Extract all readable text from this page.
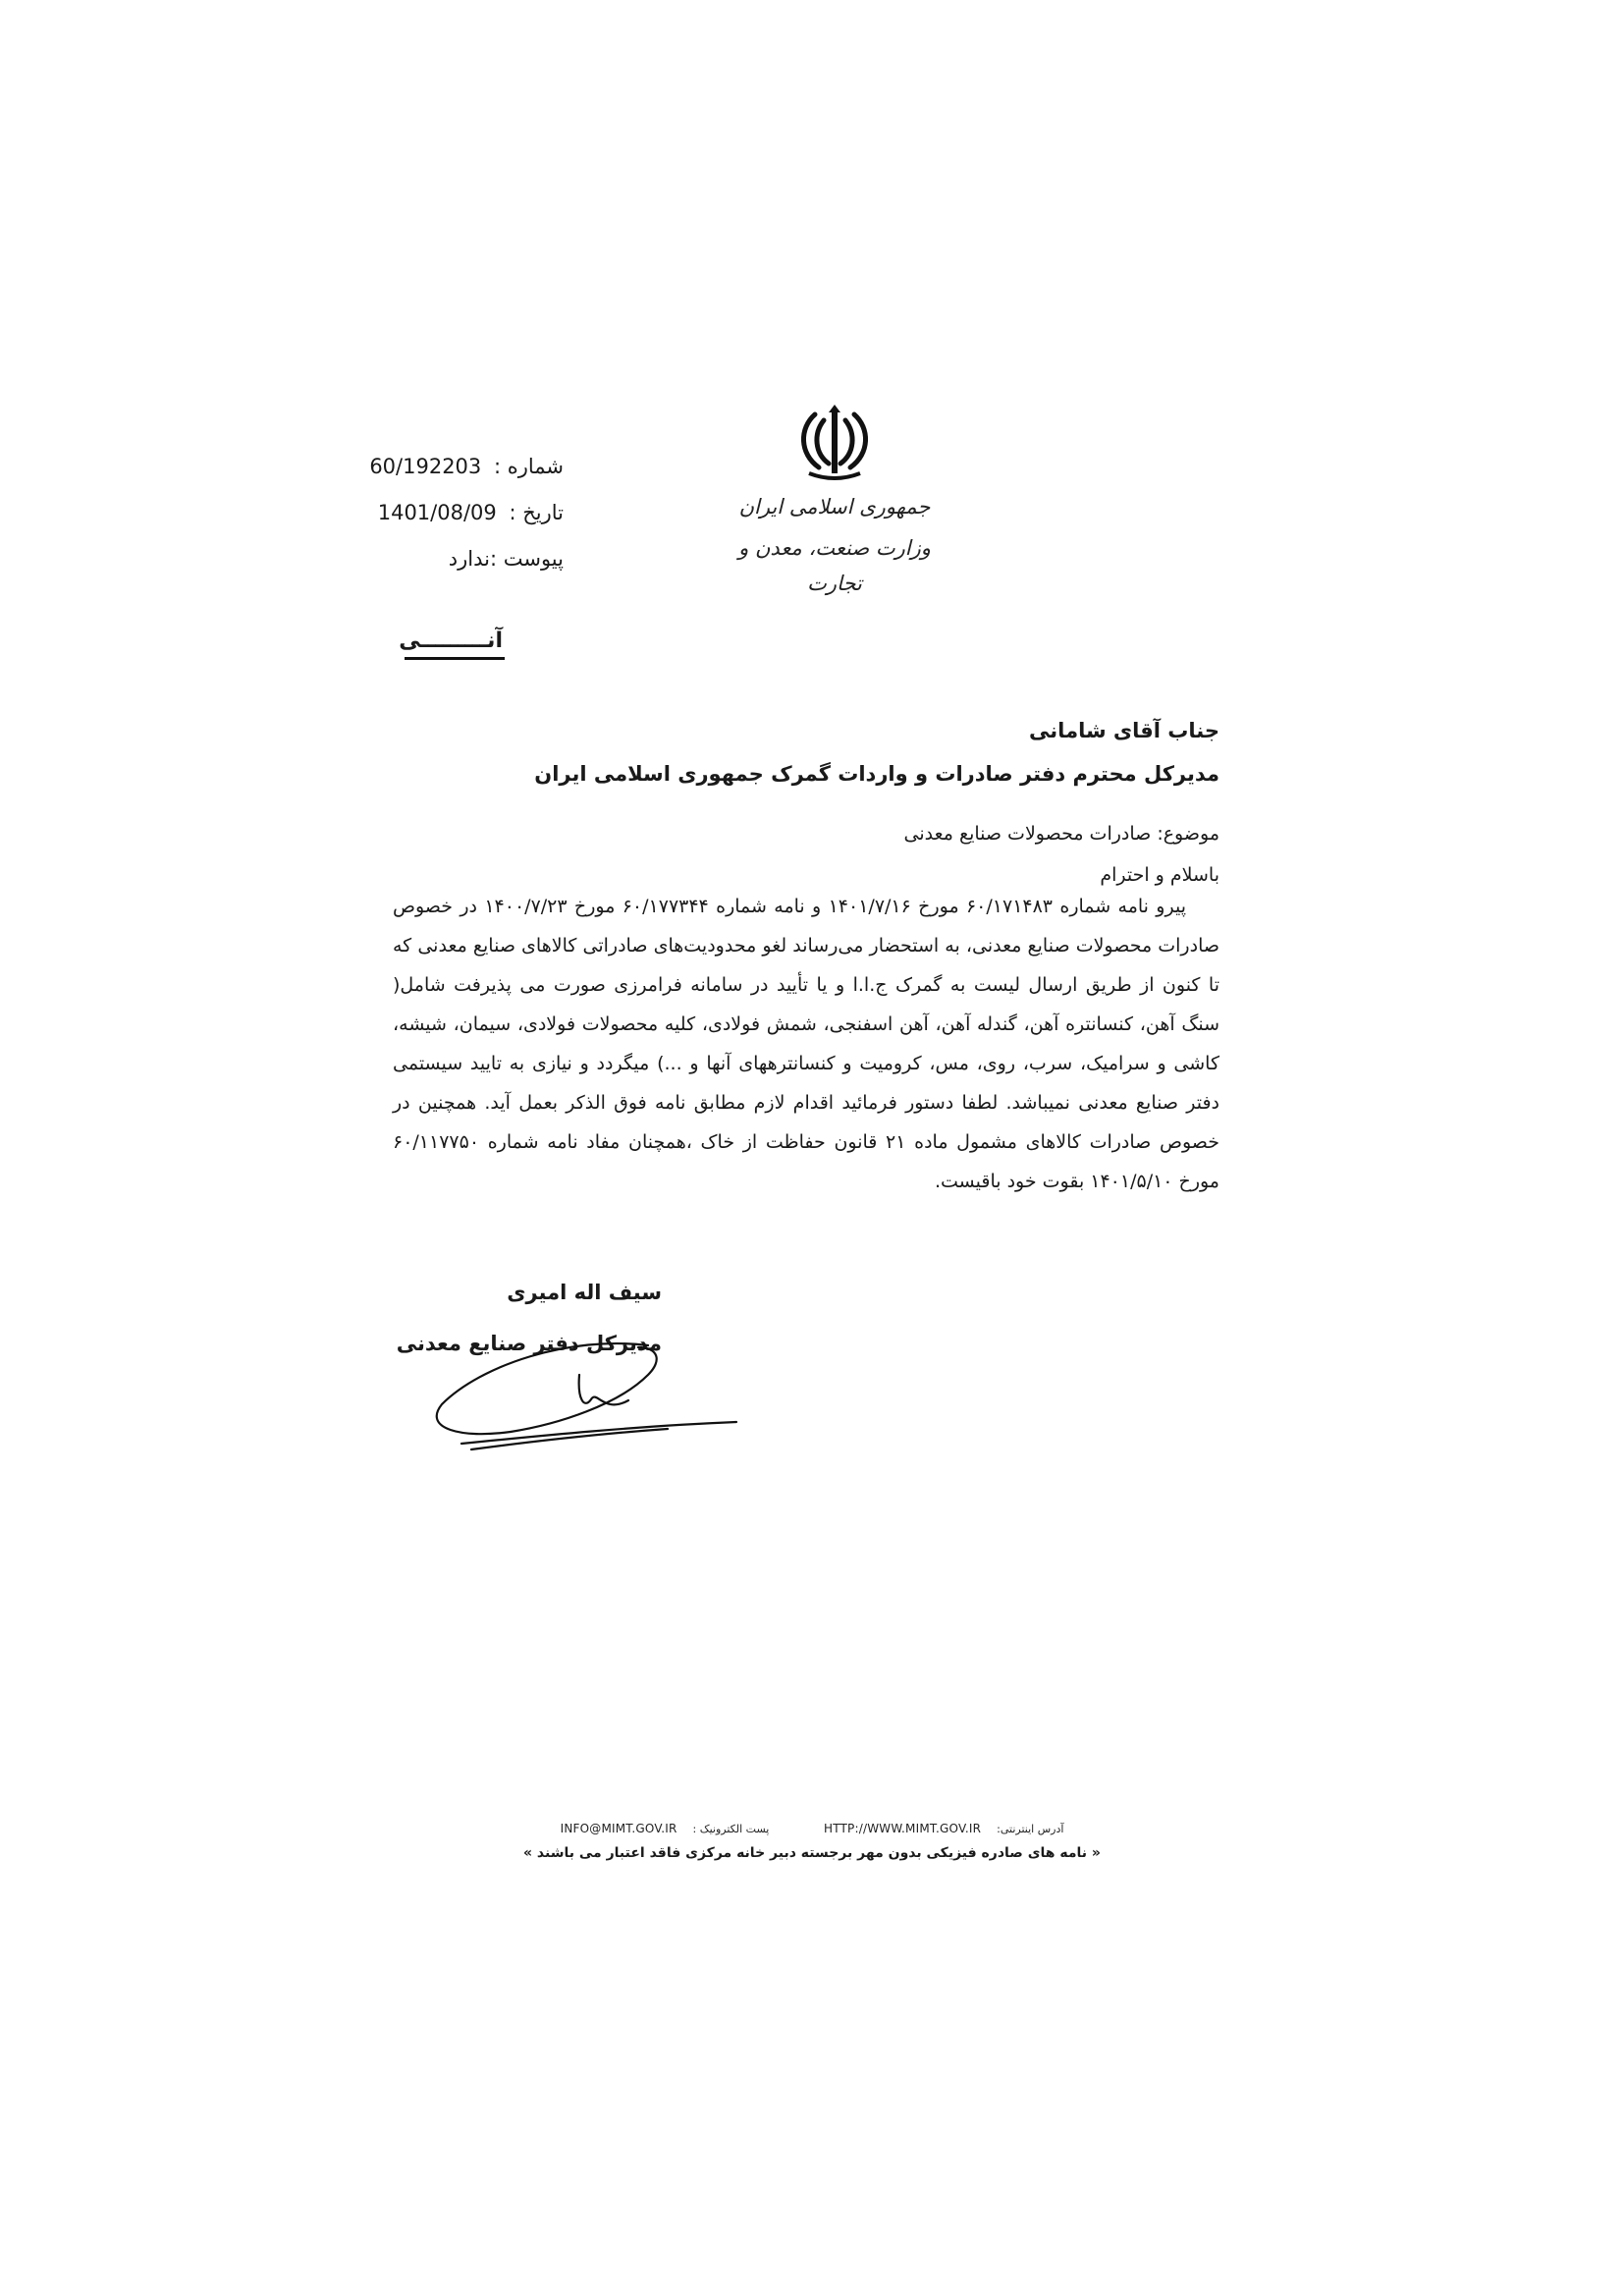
جمهوری اسلامی ایران
وزارت صنعت، معدن و تجارت
شماره : 60/192203
تاریخ : 1401/08/09
پیوست :ندارد
آنـــــــــی
جناب آقای شامانی
مدیرکل محترم دفتر صادرات و واردات گمرک جمهوری اسلامی ایران
موضوع: صادرات محصولات صنایع معدنی
باسلام و احترام

پیرو نامه شماره ۶۰/۱۷۱۴۸۳ مورخ ۱۴۰۱/۷/۱۶ و نامه شماره ۶۰/۱۷۷۳۴۴ مورخ ۱۴۰۰/۷/۲۳ در خصوص صادرات محصولات صنایع معدنی، به استحضار می‌رساند لغو محدودیت‌های صادراتی کالاهای صنایع معدنی که تا کنون از طریق ارسال لیست به گمرک ج.ا.ا و یا تأیید در سامانه فرامرزی صورت می پذیرفت شامل( سنگ آهن، کنسانتره آهن، گندله آهن، آهن اسفنجی، شمش فولادی، کلیه محصولات فولادی، سیمان، شیشه، کاشی و سرامیک، سرب، روی، مس، کرومیت و کنسانترههای آنها و ...) میگردد و نیازی به تایید سیستمی دفتر صنایع معدنی نمیباشد. لطفا دستور فرمائید اقدام لازم مطابق نامه فوق الذکر بعمل آید. همچنین در خصوص صادرات کالاهای مشمول ماده ۲۱ قانون حفاظت از خاک ،همچنان مفاد نامه شماره ۶۰/۱۱۷۷۵۰ مورخ ۱۴۰۱/۵/۱۰ بقوت خود باقیست.

سیف اله امیری
مدیرکل دفتر صنایع معدنی
INFO@MIMT.GOV.IR پست الکترونیک :	HTTP://WWW.MIMT.GOV.IR آدرس اینترنتی:
« نامه های صادره فیزیکی بدون مهر برجسته دبیر خانه مرکزی فاقد اعتبار می باشند »
